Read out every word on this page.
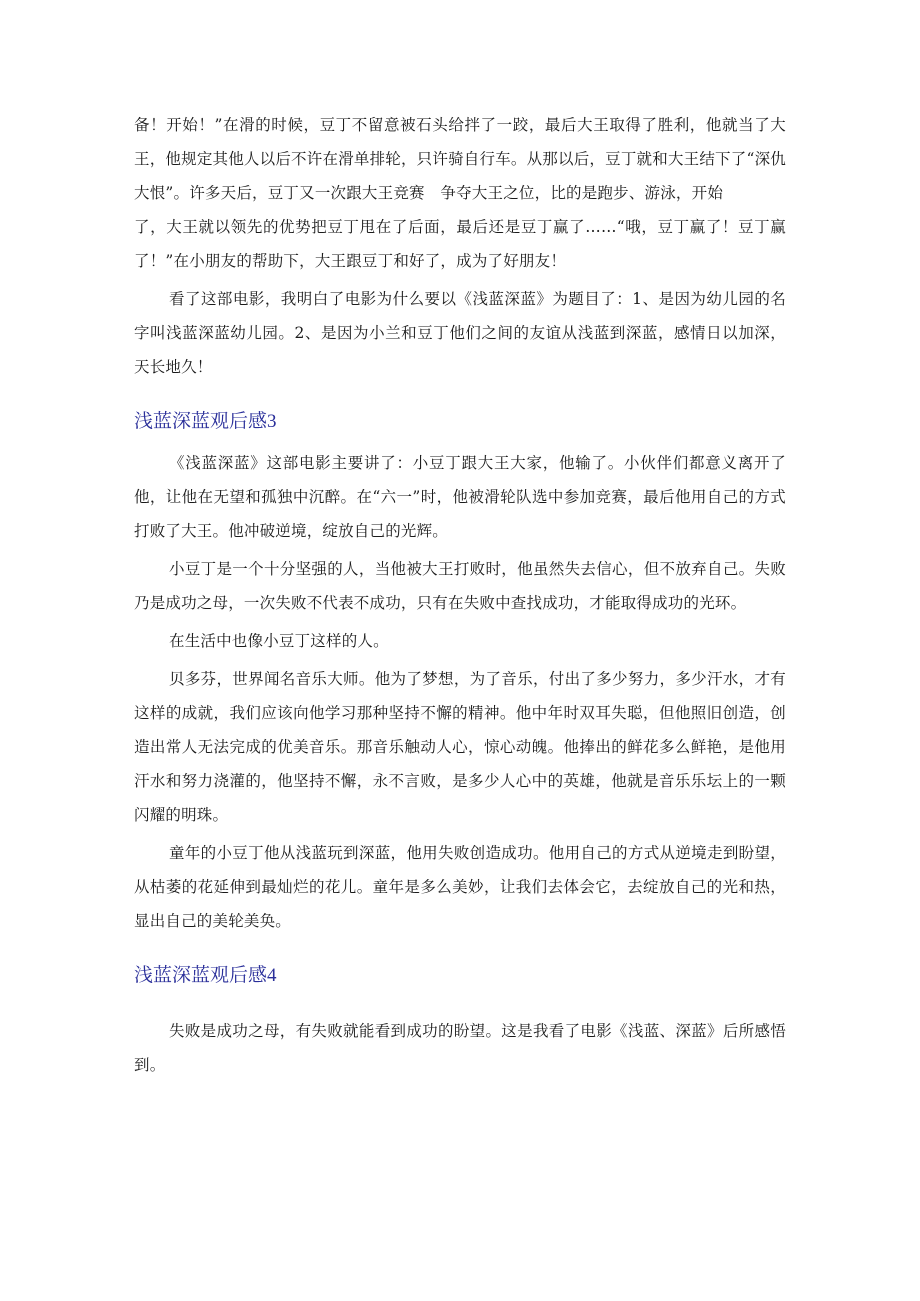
备！开始！”在滑的时候，豆丁不留意被石头给拌了一跤，最后大王取得了胜利，他就当了大王，他规定其他人以后不许在滑单排轮，只许骑自行车。从那以后，豆丁就和大王结下了“深仇大恨”。许多天后，豆丁又一次跟大王竞赛　争夺大王之位，比的是跑步、游泳，开始

了，大王就以领先的优势把豆丁甩在了后面，最后还是豆丁赢了……“哦，豆丁赢了！豆丁赢了！”在小朋友的帮助下，大王跟豆丁和好了，成为了好朋友！

看了这部电影，我明白了电影为什么要以《浅蓝深蓝》为题目了：1、是因为幼儿园的名字叫浅蓝深蓝幼儿园。2、是因为小兰和豆丁他们之间的友谊从浅蓝到深蓝，感情日以加深，天长地久！

浅蓝深蓝观后感3

《浅蓝深蓝》这部电影主要讲了：小豆丁跟大王大家，他输了。小伙伴们都意义离开了他，让他在无望和孤独中沉醉。在“六一”时，他被滑轮队选中参加竞赛，最后他用自己的方式打败了大王。他冲破逆境，绽放自己的光辉。

小豆丁是一个十分坚强的人，当他被大王打败时，他虽然失去信心，但不放弃自己。失败乃是成功之母，一次失败不代表不成功，只有在失败中查找成功，才能取得成功的光环。

在生活中也像小豆丁这样的人。

贝多芬，世界闻名音乐大师。他为了梦想，为了音乐，付出了多少努力，多少汗水，才有这样的成就，我们应该向他学习那种坚持不懈的精神。他中年时双耳失聪，但他照旧创造，创造出常人无法完成的优美音乐。那音乐触动人心，惊心动魄。他捧出的鲜花多么鲜艳，是他用汗水和努力浇灌的，他坚持不懈，永不言败，是多少人心中的英雄，他就是音乐乐坛上的一颗闪耀的明珠。

童年的小豆丁他从浅蓝玩到深蓝，他用失败创造成功。他用自己的方式从逆境走到盼望，从枯萎的花延伸到最灿烂的花儿。童年是多么美妙，让我们去体会它，去绽放自己的光和热，显出自己的美轮美奂。

浅蓝深蓝观后感4

失败是成功之母，有失败就能看到成功的盼望。这是我看了电影《浅蓝、深蓝》后所感悟到。
